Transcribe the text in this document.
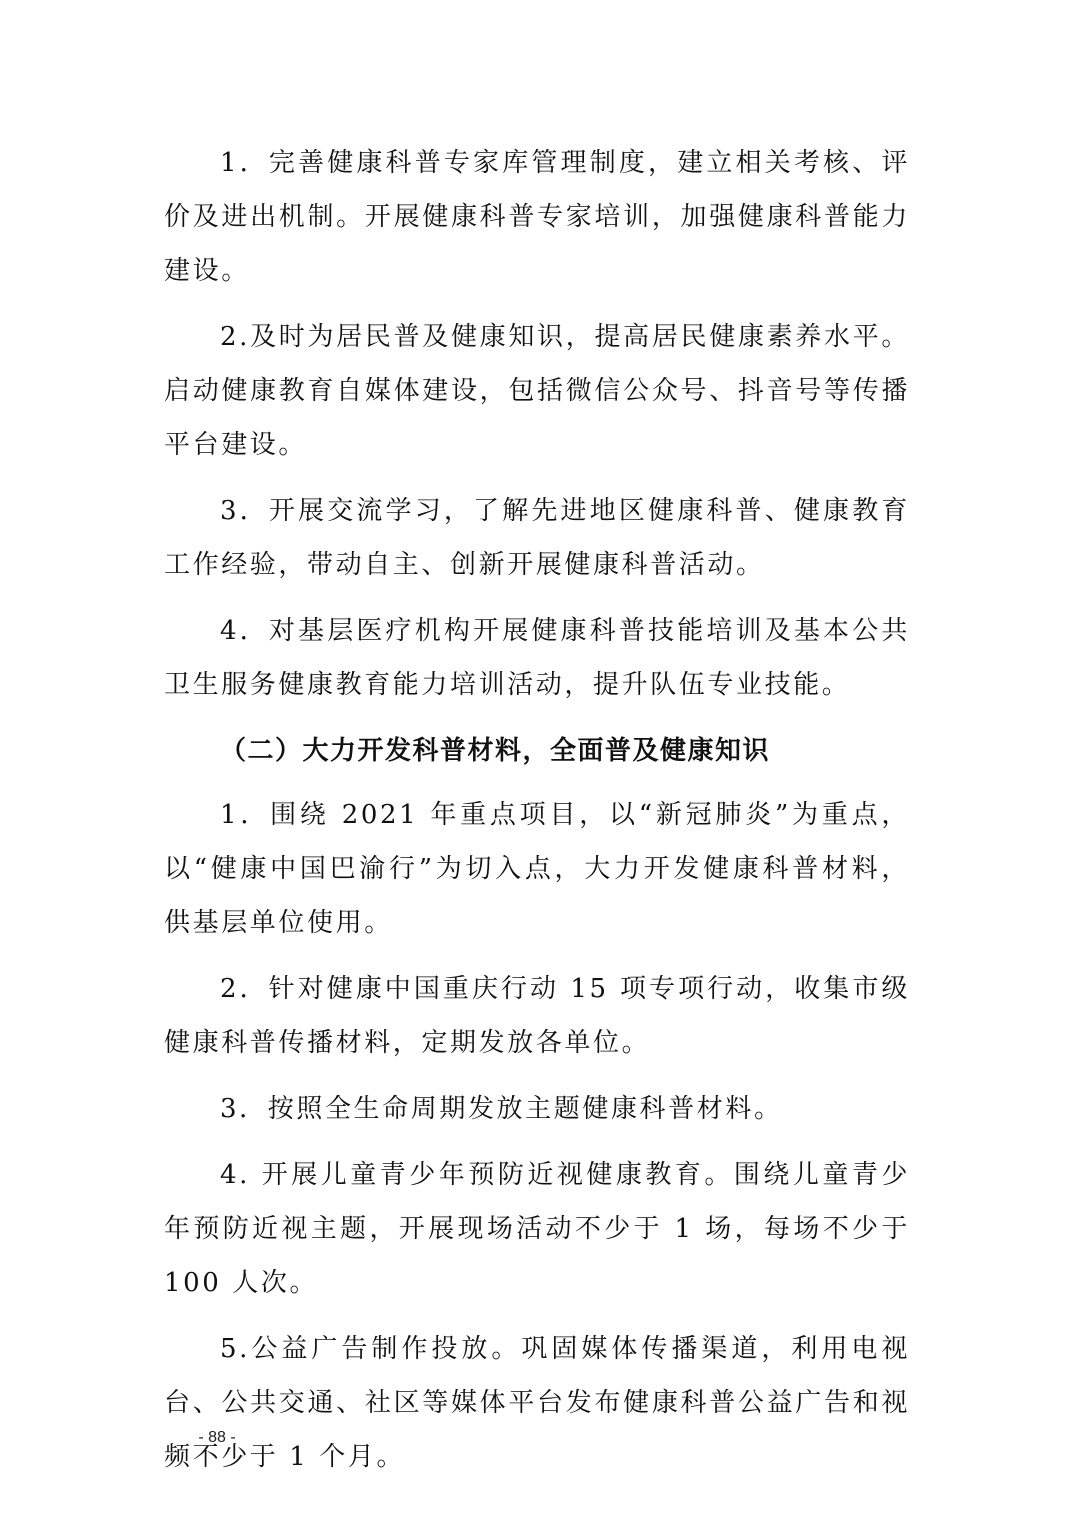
1．完善健康科普专家库管理制度，建立相关考核、评价及进出机制。开展健康科普专家培训，加强健康科普能力建设。

2.及时为居民普及健康知识，提高居民健康素养水平。启动健康教育自媒体建设，包括微信公众号、抖音号等传播平台建设。

3．开展交流学习，了解先进地区健康科普、健康教育工作经验，带动自主、创新开展健康科普活动。

4．对基层医疗机构开展健康科普技能培训及基本公共卫生服务健康教育能力培训活动，提升队伍专业技能。

（二）大力开发科普材料，全面普及健康知识

1．围绕 2021 年重点项目，以“新冠肺炎”为重点，以“健康中国巴渝行”为切入点，大力开发健康科普材料，供基层单位使用。

2．针对健康中国重庆行动 15 项专项行动，收集市级健康科普传播材料，定期发放各单位。

3．按照全生命周期发放主题健康科普材料。

4. 开展儿童青少年预防近视健康教育。围绕儿童青少年预防近视主题，开展现场活动不少于 1 场，每场不少于 100 人次。

5.公益广告制作投放。巩固媒体传播渠道，利用电视台、公共交通、社区等媒体平台发布健康科普公益广告和视频不少于 1 个月。

- 88 -
